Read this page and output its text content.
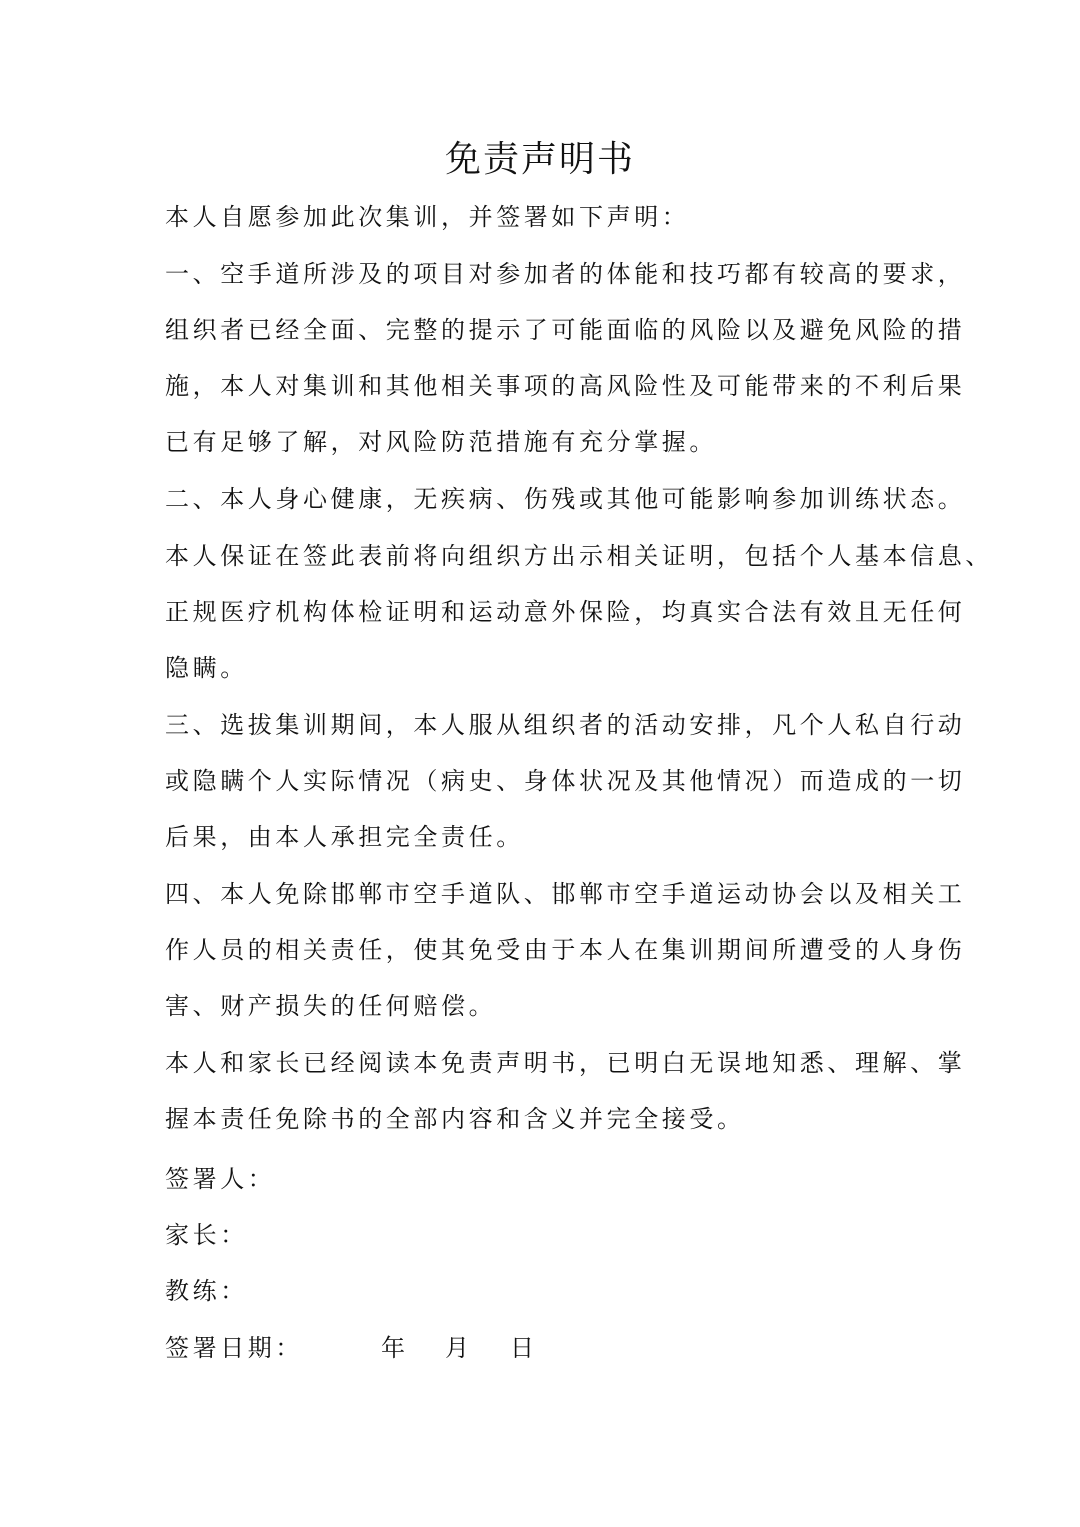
免责声明书

本人自愿参加此次集训，并签署如下声明：

一、空手道所涉及的项目对参加者的体能和技巧都有较高的要求，

组织者已经全面、完整的提示了可能面临的风险以及避免风险的措

施，本人对集训和其他相关事项的高风险性及可能带来的不利后果

已有足够了解，对风险防范措施有充分掌握。

二、本人身心健康，无疾病、伤残或其他可能影响参加训练状态。

本人保证在签此表前将向组织方出示相关证明，包括个人基本信息、

正规医疗机构体检证明和运动意外保险，均真实合法有效且无任何

隐瞒。

三、选拔集训期间，本人服从组织者的活动安排，凡个人私自行动

或隐瞒个人实际情况（病史、身体状况及其他情况）而造成的一切

后果，由本人承担完全责任。

四、本人免除邯郸市空手道队、邯郸市空手道运动协会以及相关工

作人员的相关责任，使其免受由于本人在集训期间所遭受的人身伤

害、财产损失的任何赔偿。

本人和家长已经阅读本免责声明书，已明白无误地知悉、理解、掌

握本责任免除书的全部内容和含义并完全接受。

签署人：

家长：

教练：

签署日期：	年 月 日
